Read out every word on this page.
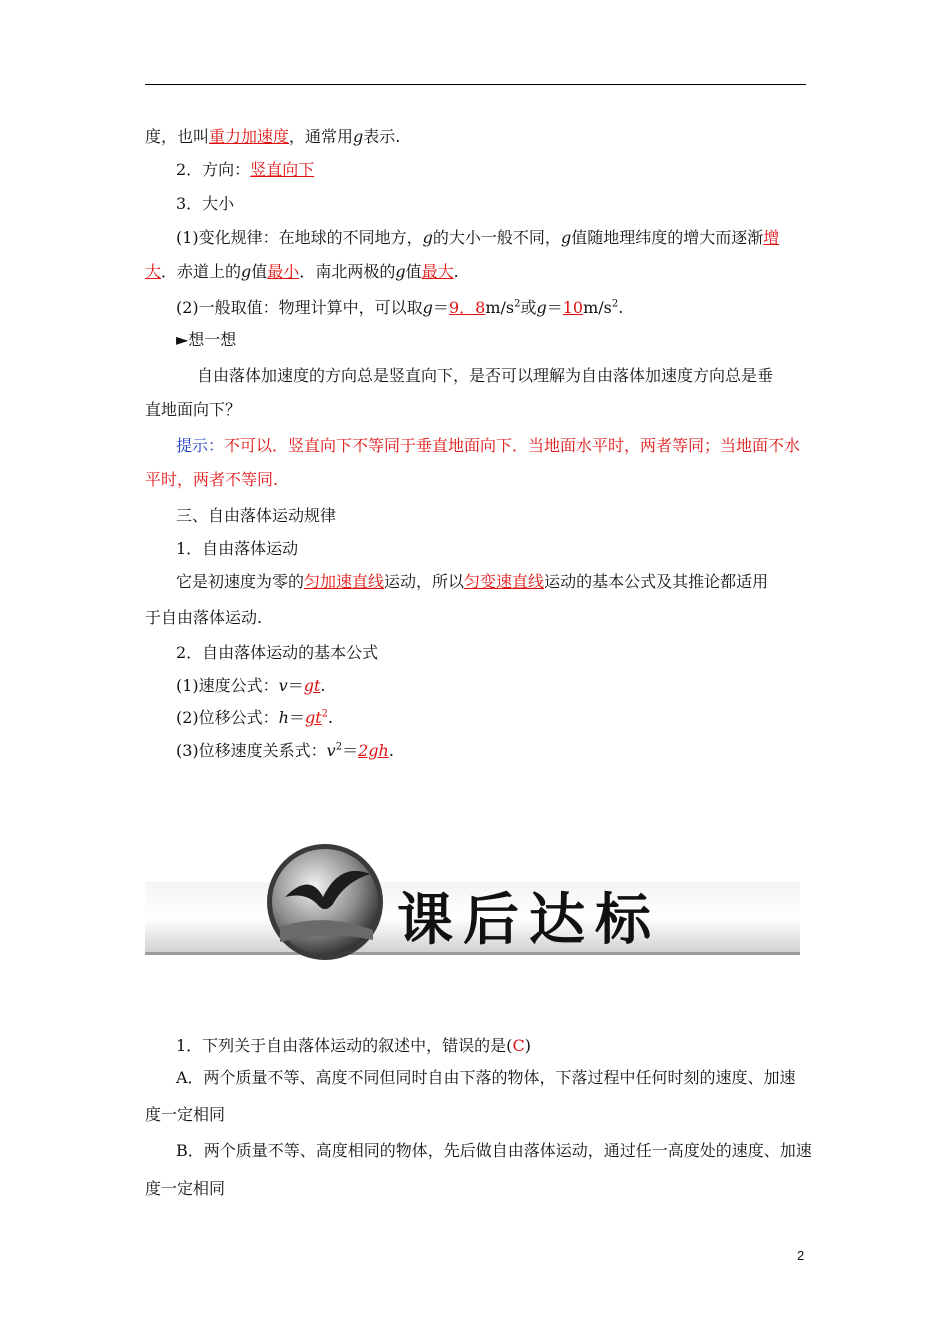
度，也叫重力加速度，通常用g表示.
2．方向：竖直向下
3．大小
(1)变化规律：在地球的不同地方，g的大小一般不同，g值随地理纬度的增大而逐渐增
大．赤道上的g值最小．南北两极的g值最大.
(2)一般取值：物理计算中，可以取g＝9．$8m/s^2$或$g=10m/s^2$.
►想一想
自由落体加速度的方向总是竖直向下，是否可以理解为自由落体加速度方向总是垂
直地面向下？
提示：不可以．竖直向下不等同于垂直地面向下．当地面水平时，两者等同；当地面不水
平时，两者不等同.
三、自由落体运动规律
1．自由落体运动
它是初速度为零的匀加速直线运动，所以匀变速直线运动的基本公式及其推论都适用
于自由落体运动.
2．自由落体运动的基本公式
(1)速度公式：v＝gt.
(2)位移公式：$h=gt^2$.
(3)位移速度关系式：$v^2=2gh$.
课后达标
1．下列关于自由落体运动的叙述中，错误的是(C)
A．两个质量不等、高度不同但同时自由下落的物体，下落过程中任何时刻的速度、加速
度一定相同
B．两个质量不等、高度相同的物体，先后做自由落体运动，通过任一高度处的速度、加速
度一定相同
2
